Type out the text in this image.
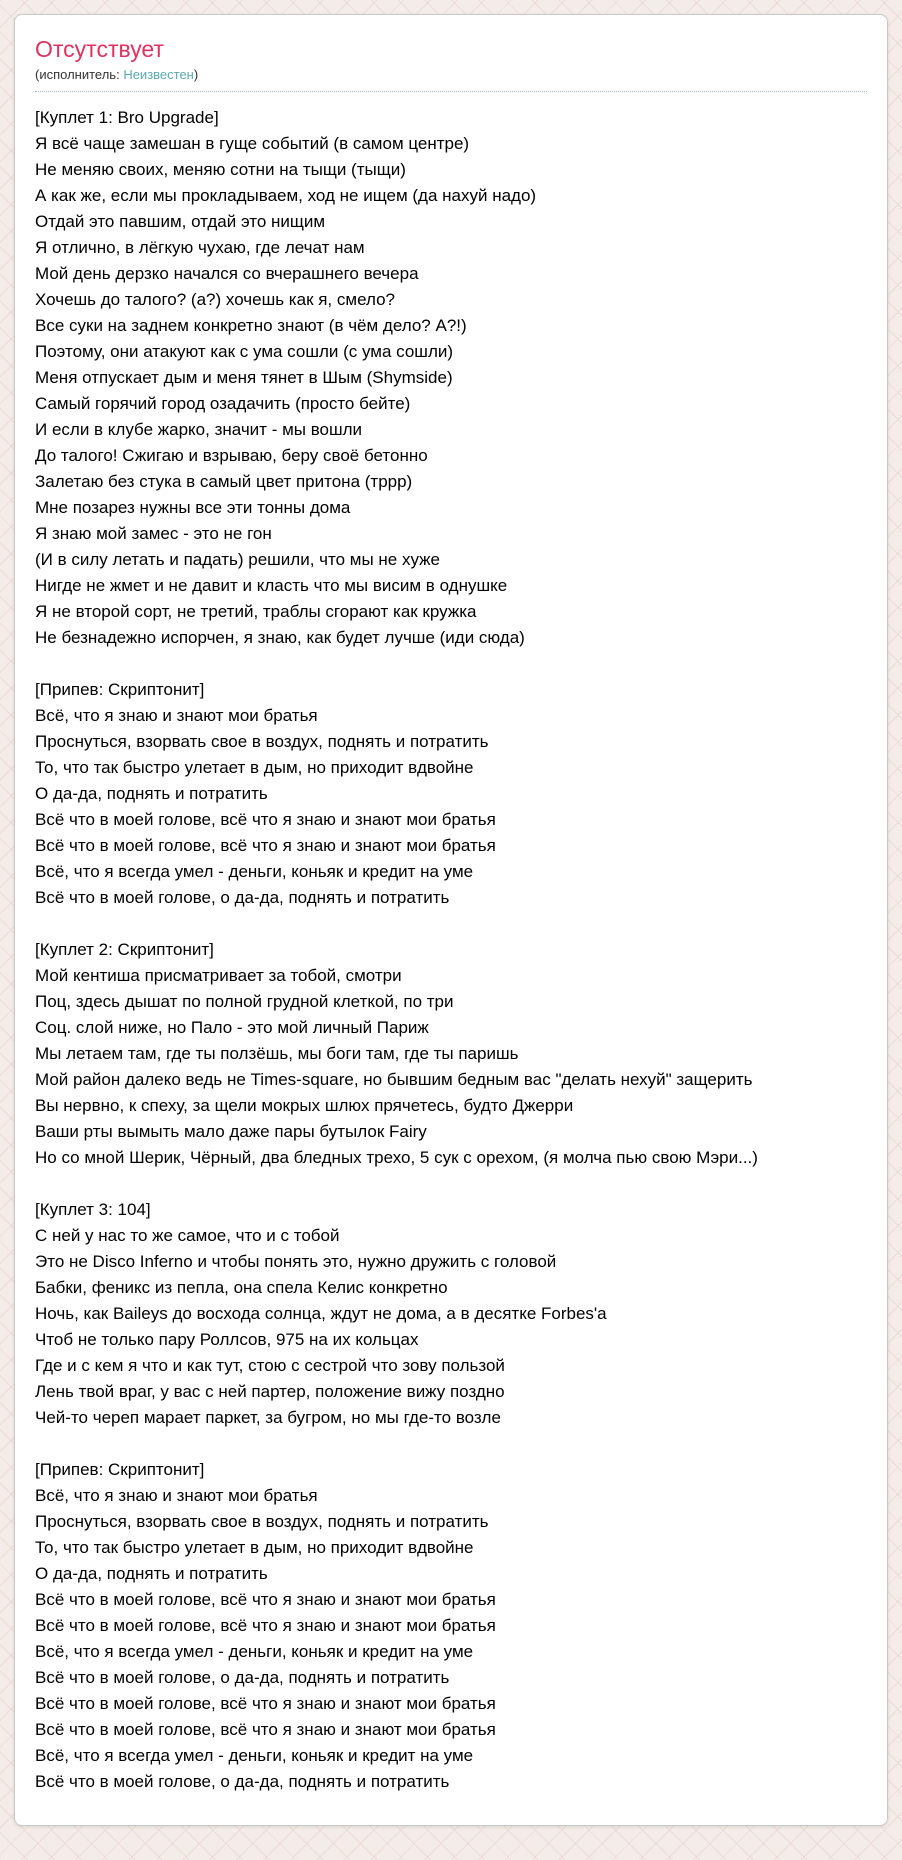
Отсутствует
(исполнитель: Неизвестен)
[Куплет 1: Bro Upgrade]
Я всё чаще замешан в гуще событий (в самом центре)
Не меняю своих, меняю сотни на тыщи (тыщи)
А как же, если мы прокладываем, ход не ищем (да нахуй надо)
Отдай это павшим, отдай это нищим
Я отлично, в лёгкую чухаю, где лечат нам
Мой день дерзко начался со вчерашнего вечера
Хочешь до талого? (а?) хочешь как я, смело?
Все суки на заднем конкретно знают (в чём дело? А?!)
Поэтому, они атакуют как с ума сошли (с ума сошли)
Меня отпускает дым и меня тянет в Шым (Shymside)
Самый горячий город озадачить (просто бейте)
И если в клубе жарко, значит - мы вошли
До талого! Сжигаю и взрываю, беру своё бетонно
Залетаю без стука в самый цвет притона (тррр)
Мне позарез нужны все эти тонны дома
Я знаю мой замес - это не гон
(И в силу летать и падать) решили, что мы не хуже
Нигде не жмет и не давит и класть что мы висим в однушке
Я не второй сорт, не третий, траблы сгорают как кружка
Не безнадежно испорчен, я знаю, как будет лучше (иди сюда)
[Припев: Скриптонит]
Всё, что я знаю и знают мои братья
Проснуться, взорвать свое в воздух, поднять и потратить
То, что так быстро улетает в дым, но приходит вдвойне
О да-да, поднять и потратить
Всё что в моей голове, всё что я знаю и знают мои братья
Всё что в моей голове, всё что я знаю и знают мои братья
Всё, что я всегда умел - деньги, коньяк и кредит на уме
Всё что в моей голове, о да-да, поднять и потратить
[Куплет 2: Скриптонит]
Мой кентиша присматривает за тобой, смотри
Поц, здесь дышат по полной грудной клеткой, по три
Соц. слой ниже, но Пало - это мой личный Париж
Мы летаем там, где ты ползёшь, мы боги там, где ты паришь
Мой район далеко ведь не Times-square, но бывшим бедным вас "делать нехуй" защерить
Вы нервно, к спеху, за щели мокрых шлюх прячетесь, будто Джерри
Ваши рты вымыть мало даже пары бутылок Fairy
Но со мной Шерик, Чёрный, два бледных трехо, 5 сук с орехом, (я молча пью свою Мэри...)
[Куплет 3: 104]
С ней у нас то же самое, что и с тобой
Это не Disco Inferno и чтобы понять это, нужно дружить с головой
Бабки, феникс из пепла, она спела Келис конкретно
Ночь, как Baileys до восхода солнца, ждут не дома, а в десятке Forbes'а
Чтоб не только пару Роллсов, 975 на их кольцах
Где и с кем я что и как тут, стою с сестрой что зову пользой
Лень твой враг, у вас с ней партер, положение вижу поздно
Чей-то череп марает паркет, за бугром, но мы где-то возле
[Припев: Скриптонит]
Всё, что я знаю и знают мои братья
Проснуться, взорвать свое в воздух, поднять и потратить
То, что так быстро улетает в дым, но приходит вдвойне
О да-да, поднять и потратить
Всё что в моей голове, всё что я знаю и знают мои братья
Всё что в моей голове, всё что я знаю и знают мои братья
Всё, что я всегда умел - деньги, коньяк и кредит на уме
Всё что в моей голове, о да-да, поднять и потратить
Всё что в моей голове, всё что я знаю и знают мои братья
Всё что в моей голове, всё что я знаю и знают мои братья
Всё, что я всегда умел - деньги, коньяк и кредит на уме
Всё что в моей голове, о да-да, поднять и потратить
